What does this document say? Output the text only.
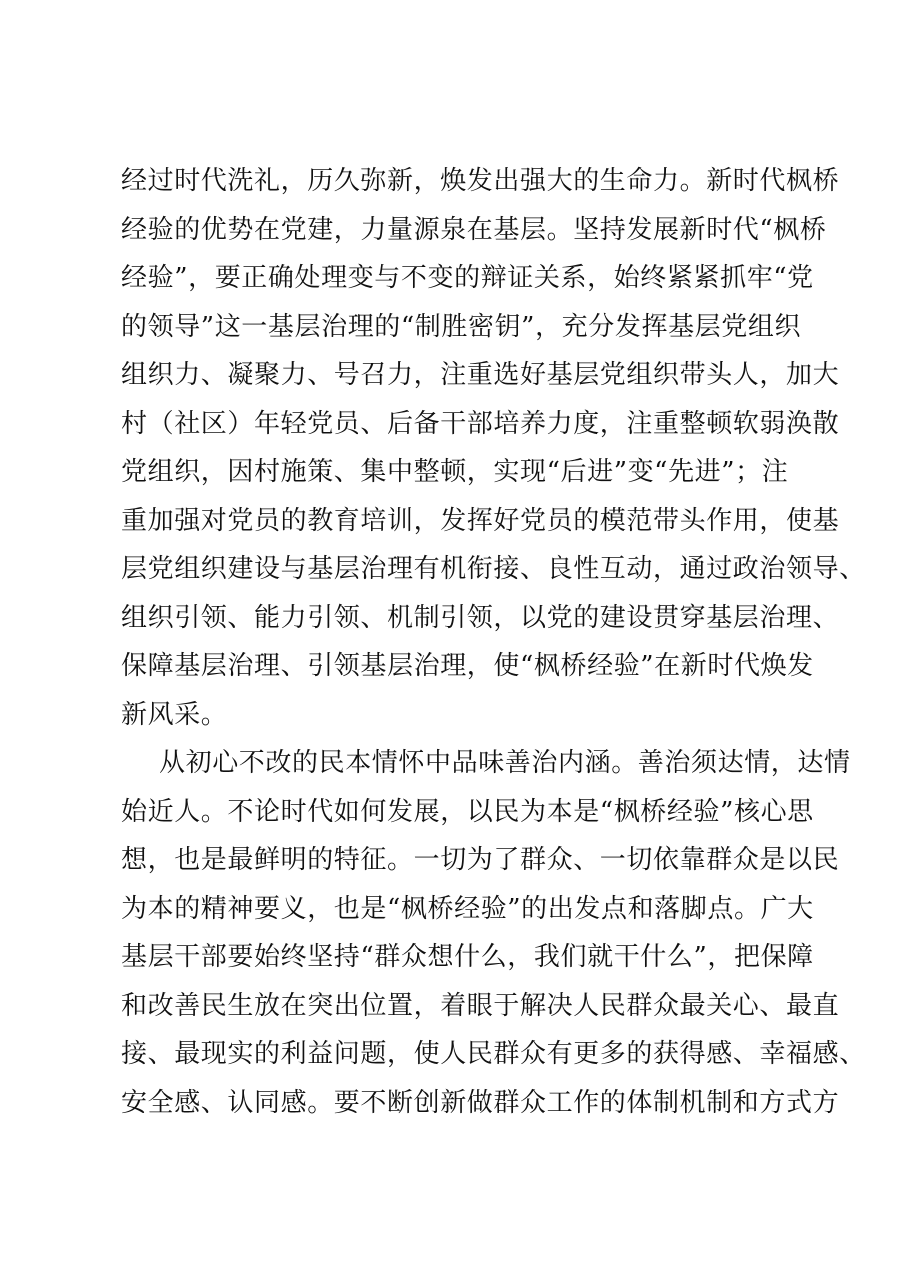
经过时代洗礼，历久弥新，焕发出强大的生命力。新时代枫桥
经验的优势在党建，力量源泉在基层。坚持发展新时代“枫桥
经验”，要正确处理变与不变的辩证关系，始终紧紧抓牢“党
的领导”这一基层治理的“制胜密钥”，充分发挥基层党组织
组织力、凝聚力、号召力，注重选好基层党组织带头人，加大
村（社区）年轻党员、后备干部培养力度，注重整顿软弱涣散
党组织，因村施策、集中整顿，实现“后进”变“先进”；注
重加强对党员的教育培训，发挥好党员的模范带头作用，使基
层党组织建设与基层治理有机衔接、良性互动，通过政治领导、
组织引领、能力引领、机制引领，以党的建设贯穿基层治理、
保障基层治理、引领基层治理，使“枫桥经验”在新时代焕发
新风采。
从初心不改的民本情怀中品味善治内涵。善治须达情，达情
始近人。不论时代如何发展，以民为本是“枫桥经验”核心思
想，也是最鲜明的特征。一切为了群众、一切依靠群众是以民
为本的精神要义，也是“枫桥经验”的出发点和落脚点。广大
基层干部要始终坚持“群众想什么，我们就干什么”，把保障
和改善民生放在突出位置，着眼于解决人民群众最关心、最直
接、最现实的利益问题，使人民群众有更多的获得感、幸福感、
安全感、认同感。要不断创新做群众工作的体制机制和方式方
